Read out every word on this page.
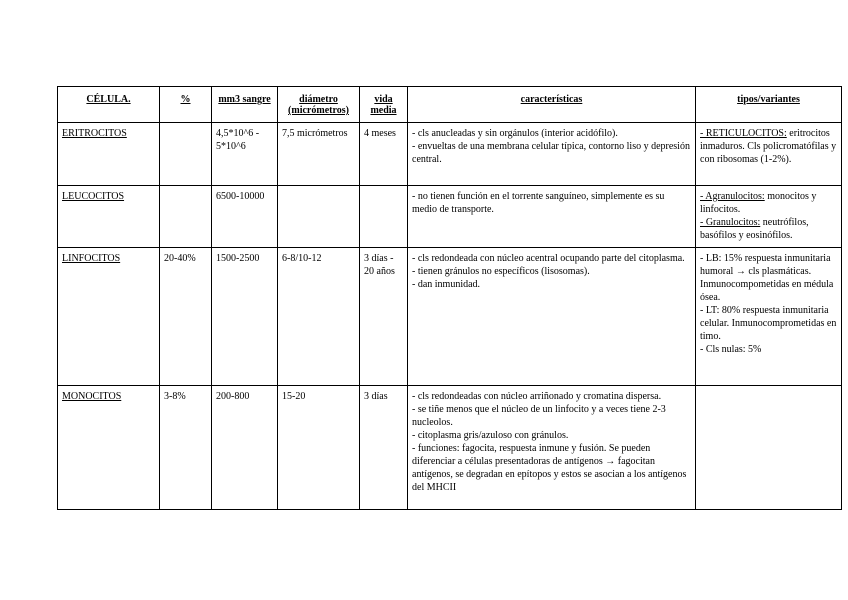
CÉLULA.	%	mm3 sangre	diámetro (micrómetros)	vida media	características	tipos/variantes
ERITROCITOS		4,5*10^6 - 5*10^6	7,5 micrómetros	4 meses	- cls anucleadas y sin orgánulos (interior acidófilo).
- envueltas de una membrana celular típica, contorno liso y depresión central.	- RETICULOCITOS: eritrocitos inmaduros. Cls policromatófilas y con ribosomas (1-2%).
LEUCOCITOS		6500-10000			- no tienen función en el torrente sanguíneo, simplemente es su medio de transporte.	- Agranulocitos: monocitos y linfocitos.
- Granulocitos: neutrófilos, basófilos y eosinófilos.

LINFOCITOS	20-40%	1500-2500	6-8/10-12	3 días - 20 años	- cls redondeada con núcleo acentral ocupando parte del citoplasma.
- tienen gránulos no específicos (lisosomas).
- dan inmunidad.	- LB: 15% respuesta inmunitaria humoral → cls plasmáticas. Inmunocompometidas en médula ósea.
- LT: 80% respuesta inmunitaria celular. Inmunocomprometidas en timo.
- Cls nulas: 5%

MONOCITOS	3-8%	200-800	15-20	3 días	- cls redondeadas con núcleo arriñonado y cromatina dispersa.
- se tiñe menos que el núcleo de un linfocito y a veces tiene 2-3 nucleolos.
- citoplasma gris/azuloso con gránulos.
- funciones: fagocita, respuesta inmune y fusión. Se pueden diferenciar a células presentadoras de antígenos → fagocitan antígenos, se degradan en epítopos y estos se asocian a los antígenos del MHCII	
